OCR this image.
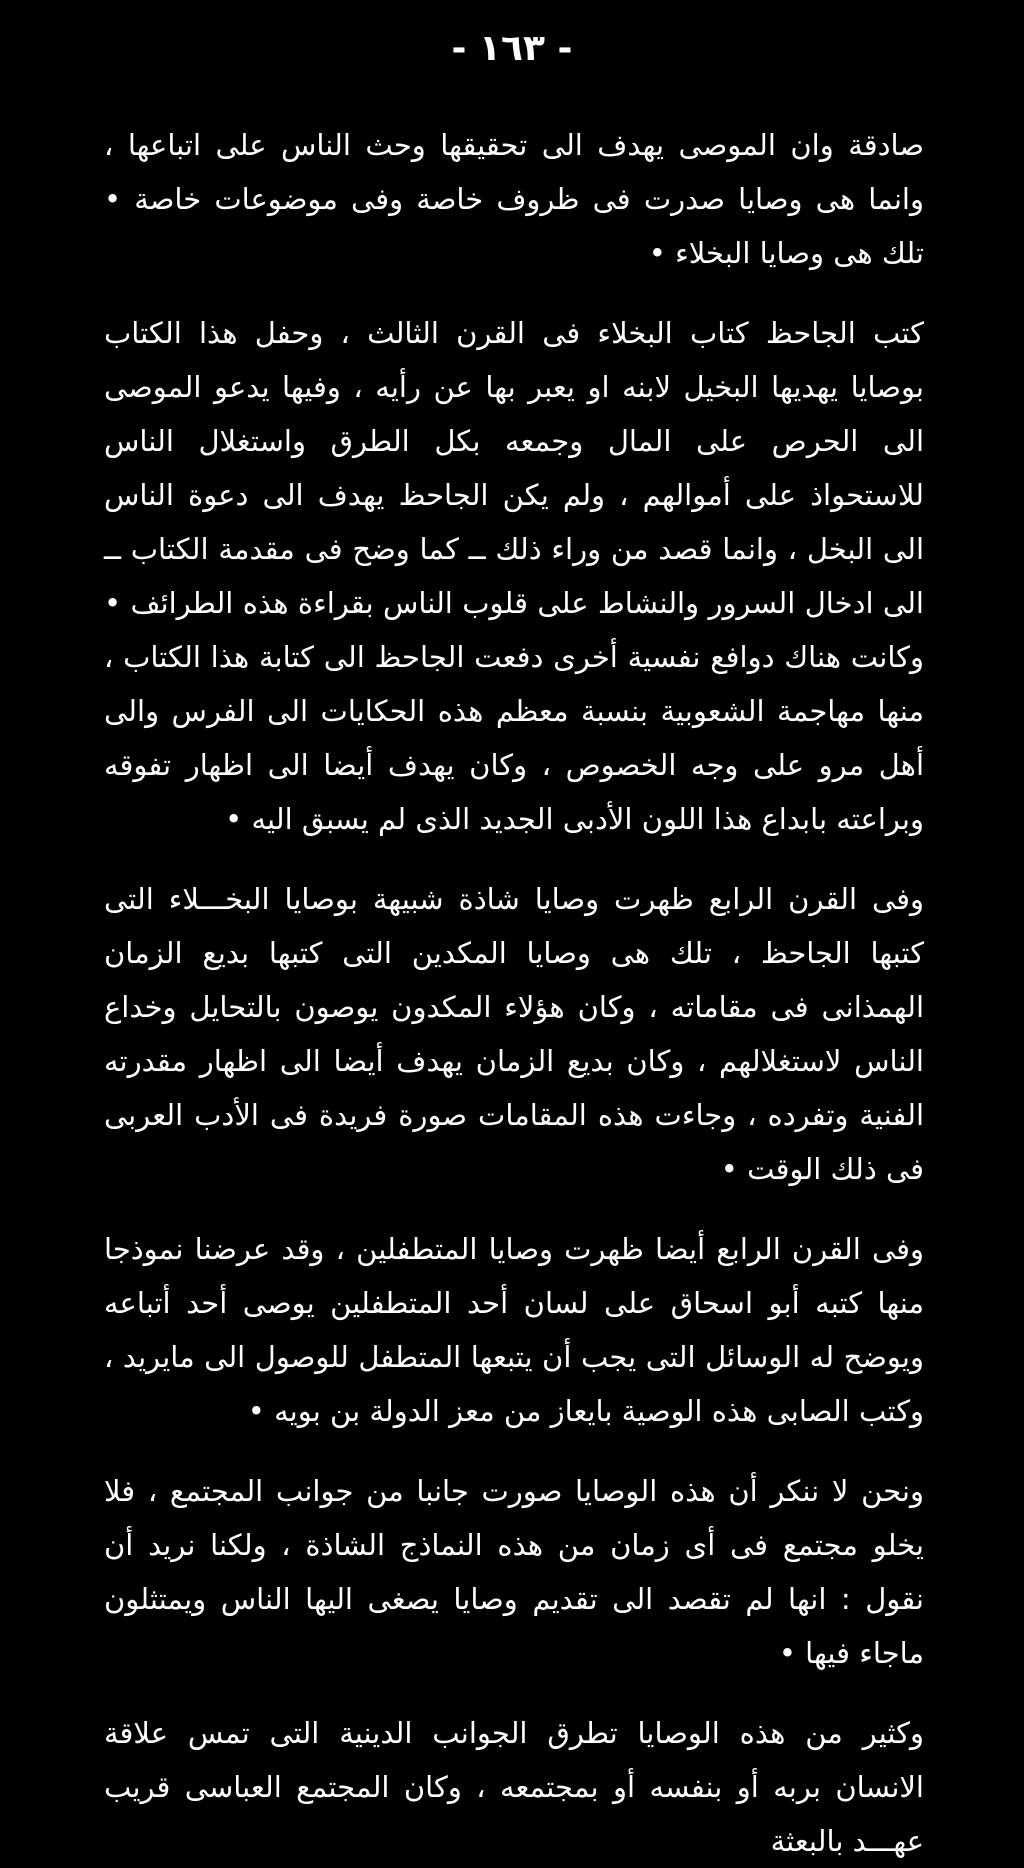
- ١٦٣ -

صادقة وان الموصى يهدف الى تحقيقها وحث الناس على اتباعها ، وانما هى وصايا صدرت فى ظروف خاصة وفى موضوعات خاصة • تلك هى وصايا البخلاء •

كتب الجاحظ كتاب البخلاء فى القرن الثالث ، وحفل هذا الكتاب بوصايا يهديها البخيل لابنه او يعبر بها عن رأيه ، وفيها يدعو الموصى الى الحرص على المال وجمعه بكل الطرق واستغلال الناس للاستحواذ على أموالهم ، ولم يكن الجاحظ يهدف الى دعوة الناس الى البخل ، وانما قصد من وراء ذلك ــ كما وضح فى مقدمة الكتاب ــ الى ادخال السرور والنشاط على قلوب الناس بقراءة هذه الطرائف • وكانت هناك دوافع نفسية أخرى دفعت الجاحظ الى كتابة هذا الكتاب ، منها مهاجمة الشعوبية بنسبة معظم هذه الحكايات الى الفرس والى أهل مرو على وجه الخصوص ، وكان يهدف أيضا الى اظهار تفوقه وبراعته بابداع هذا اللون الأدبى الجديد الذى لم يسبق اليه •

وفى القرن الرابع ظهرت وصايا شاذة شبيهة بوصايا البخـــلاء التى كتبها الجاحظ ، تلك هى وصايا المكدين التى كتبها بديع الزمان الهمذانى فى مقاماته ، وكان هؤلاء المكدون يوصون بالتحايل وخداع الناس لاستغلالهم ، وكان بديع الزمان يهدف أيضا الى اظهار مقدرته الفنية وتفرده ، وجاءت هذه المقامات صورة فريدة فى الأدب العربى فى ذلك الوقت •

وفى القرن الرابع أيضا ظهرت وصايا المتطفلين ، وقد عرضنا نموذجا منها كتبه أبو اسحاق على لسان أحد المتطفلين يوصى أحد أتباعه ويوضح له الوسائل التى يجب أن يتبعها المتطفل للوصول الى مايريد ، وكتب الصابى هذه الوصية بايعاز من معز الدولة بن بويه •

ونحن لا ننكر أن هذه الوصايا صورت جانبا من جوانب المجتمع ، فلا يخلو مجتمع فى أى زمان من هذه النماذج الشاذة ، ولكنا نريد أن نقول : انها لم تقصد الى تقديم وصايا يصغى اليها الناس ويمتثلون ماجاء فيها •

وكثير من هذه الوصايا تطرق الجوانب الدينية التى تمس علاقة الانسان بربه أو بنفسه أو بمجتمعه ، وكان المجتمع العباسى قريب عهـــد بالبعثة
